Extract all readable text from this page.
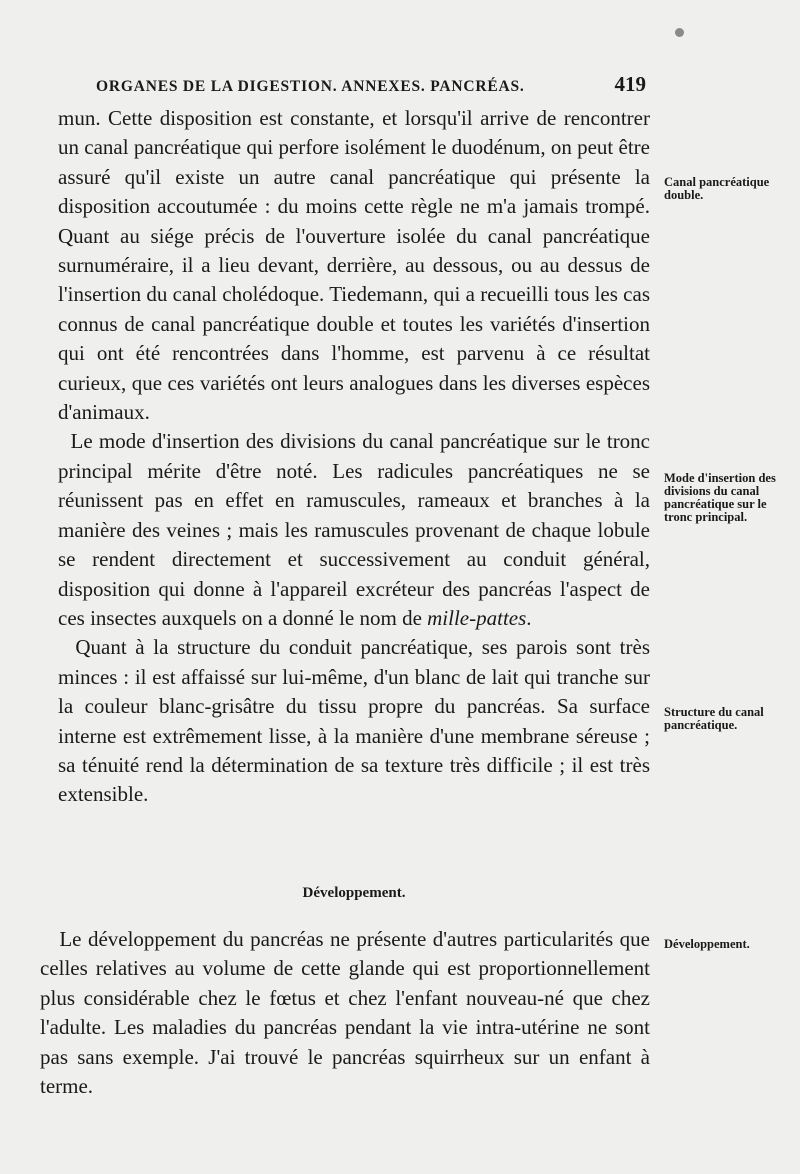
ORGANES DE LA DIGESTION. ANNEXES. PANCRÉAS.	419

mun. Cette disposition est constante, et lorsqu'il arrive de rencontrer un canal pancréatique qui perfore isolément le duodénum, on peut être assuré qu'il existe un autre canal pancréatique qui présente la disposition accoutumée : du moins cette règle ne m'a jamais trompé. Quant au siége précis de l'ouverture isolée du canal pancréatique surnuméraire, il a lieu devant, derrière, au dessous, ou au dessus de l'insertion du canal cholédoque. Tiedemann, qui a recueilli tous les cas connus de canal pancréatique double et toutes les variétés d'insertion qui ont été rencontrées dans l'homme, est parvenu à ce résultat curieux, que ces variétés ont leurs analogues dans les diverses espèces d'animaux.

Le mode d'insertion des divisions du canal pancréatique sur le tronc principal mérite d'être noté. Les radicules pancréatiques ne se réunissent pas en effet en ramuscules, rameaux et branches à la manière des veines ; mais les ramuscules provenant de chaque lobule se rendent directement et successivement au conduit général, disposition qui donne à l'appareil excréteur des pancréas l'aspect de ces insectes auxquels on a donné le nom de mille-pattes.

Quant à la structure du conduit pancréatique, ses parois sont très minces : il est affaissé sur lui-même, d'un blanc de lait qui tranche sur la couleur blanc-grisâtre du tissu propre du pancréas. Sa surface interne est extrêmement lisse, à la manière d'une membrane séreuse ; sa ténuité rend la détermination de sa texture très difficile ; il est très extensible.

Développement.

Le développement du pancréas ne présente d'autres particularités que celles relatives au volume de cette glande qui est proportionnellement plus considérable chez le fœtus et chez l'enfant nouveau-né que chez l'adulte. Les maladies du pancréas pendant la vie intra-utérine ne sont pas sans exemple. J'ai trouvé le pancréas squirrheux sur un enfant à terme.

Canal pancréatique double.
Mode d'insertion des divisions du canal pancréatique sur le tronc principal.
Structure du canal pancréatique.
Développement.
